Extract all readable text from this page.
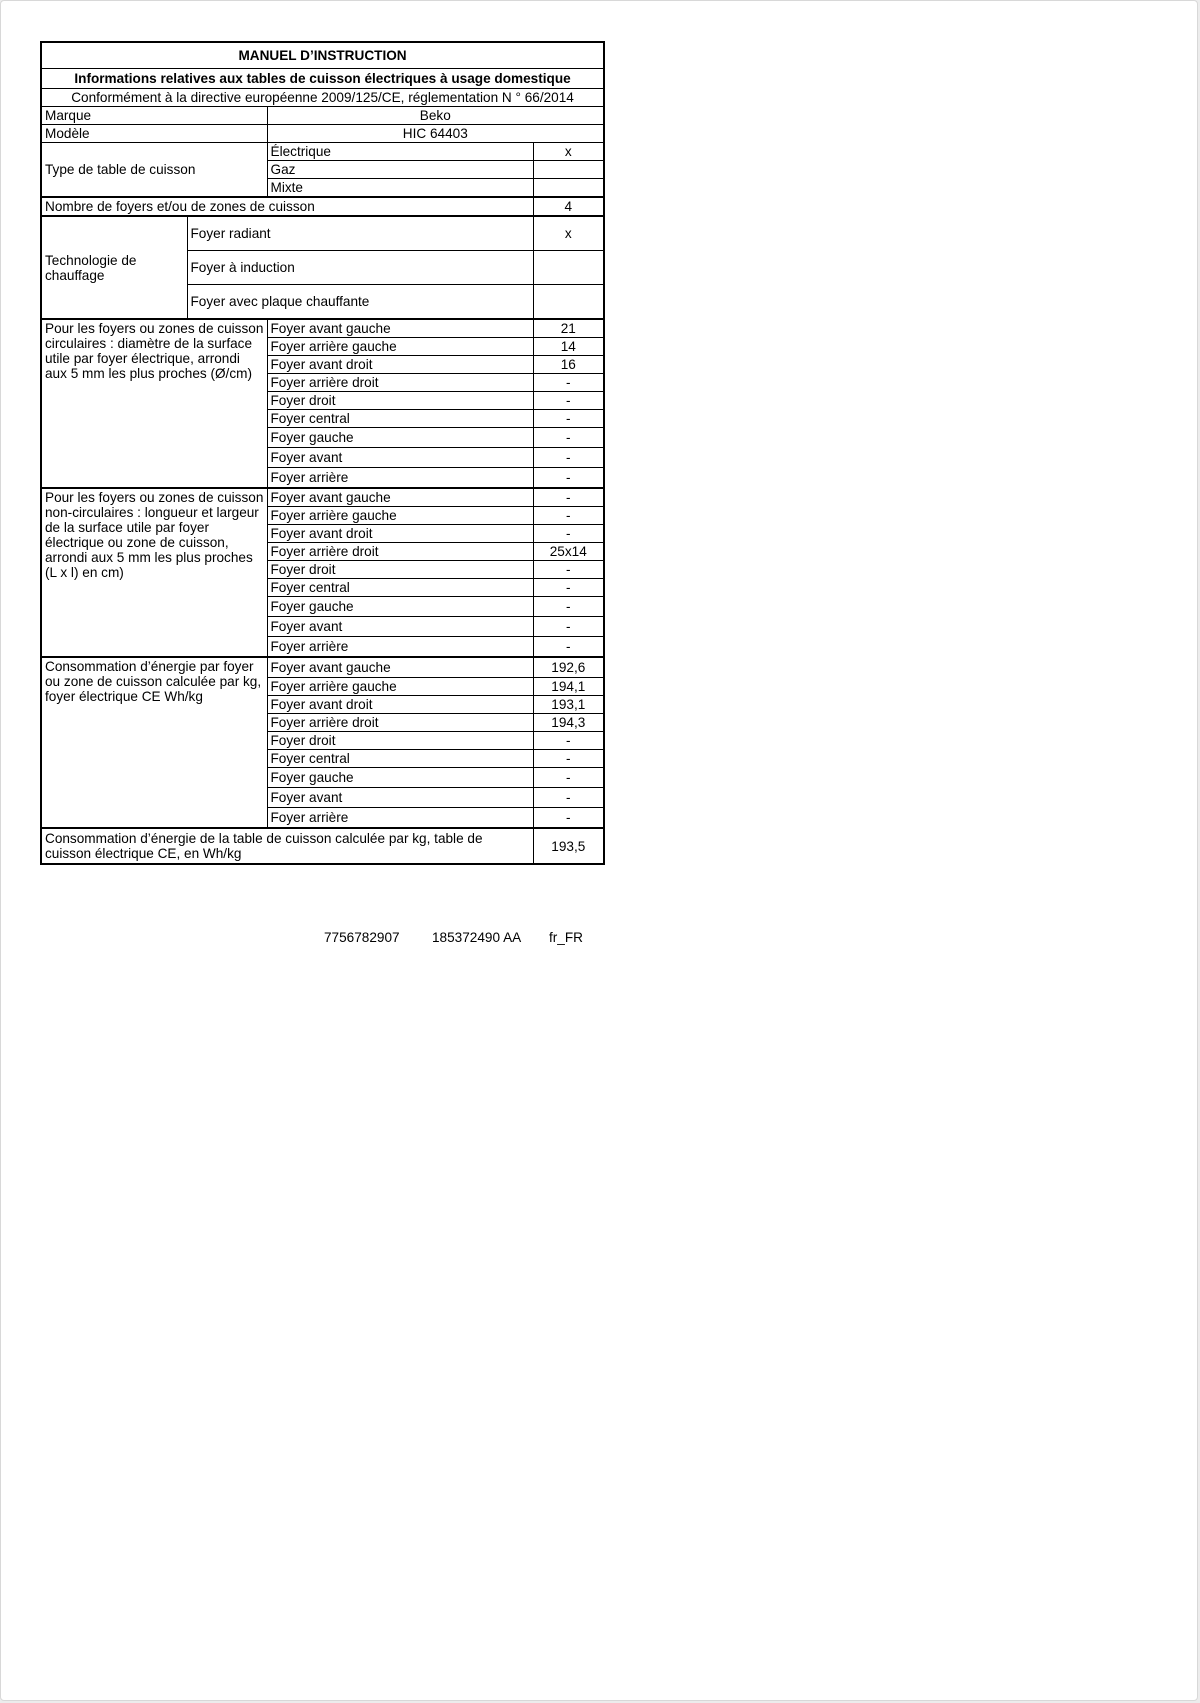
MANUEL D’INSTRUCTION			
Informations relatives aux tables de cuisson électriques à usage domestique			
Conformément à la directive européenne 2009/125/CE, réglementation N ° 66/2014			
Marque		Beko	
Modèle		HIC 64403	
Type de table de cuisson		Électrique	x
		Gaz	
		Mixte	
Nombre de foyers et/ou de zones de cuisson			4
Technologie de chauffage	Foyer radiant		x
	Foyer à induction		
	Foyer avec plaque chauffante		
Pour les foyers ou zones de cuisson circulaires : diamètre de la surface utile par foyer électrique, arrondi aux 5 mm les plus proches (Ø/cm)		Foyer avant gauche	21
		Foyer arrière gauche	14
		Foyer avant droit	16
		Foyer arrière droit	-
		Foyer droit	-
		Foyer central	-
		Foyer gauche	-
		Foyer avant	-
		Foyer arrière	-
Pour les foyers ou zones de cuisson non-circulaires : longueur et largeur de la surface utile par foyer électrique ou zone de cuisson, arrondi aux 5 mm les plus proches (L x l) en cm)		Foyer avant gauche	-
		Foyer arrière gauche	-
		Foyer avant droit	-
		Foyer arrière droit	25x14
		Foyer droit	-
		Foyer central	-
		Foyer gauche	-
		Foyer avant	-
		Foyer arrière	-
Consommation d’énergie par foyer ou zone de cuisson calculée par kg, foyer électrique CE Wh/kg		Foyer avant gauche	192,6
		Foyer arrière gauche	194,1
		Foyer avant droit	193,1
		Foyer arrière droit	194,3
		Foyer droit	-
		Foyer central	-
		Foyer gauche	-
		Foyer avant	-
		Foyer arrière	-
Consommation d’énergie de la table de cuisson calculée par kg, table de cuisson électrique CE, en Wh/kg			193,5
7756782907 185372490 AA fr_FR
